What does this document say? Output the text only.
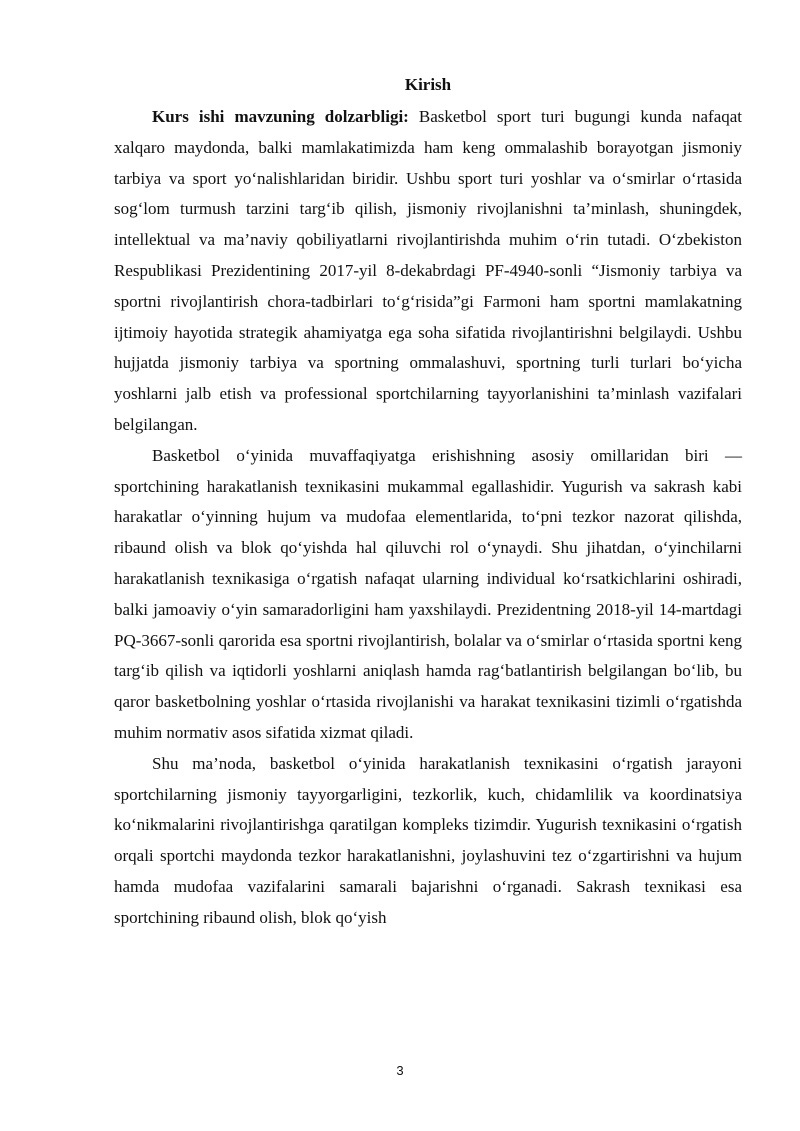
Kirish

Kurs ishi mavzuning dolzarbligi: Basketbol sport turi bugungi kunda nafaqat xalqaro maydonda, balki mamlakatimizda ham keng ommalashib borayotgan jismoniy tarbiya va sport yo‘nalishlaridan biridir. Ushbu sport turi yoshlar va o‘smirlar o‘rtasida sog‘lom turmush tarzini targ‘ib qilish, jismoniy rivojlanishni ta’minlash, shuningdek, intellektual va ma’naviy qobiliyatlarni rivojlantirishda muhim o‘rin tutadi. O‘zbekiston Respublikasi Prezidentining 2017-yil 8-dekabrdagi PF-4940-sonli “Jismoniy tarbiya va sportni rivojlantirish chora-tadbirlari to‘g‘risida”gi Farmoni ham sportni mamlakatning ijtimoiy hayotida strategik ahamiyatga ega soha sifatida rivojlantirishni belgilaydi. Ushbu hujjatda jismoniy tarbiya va sportning ommalashuvi, sportning turli turlari bo‘yicha yoshlarni jalb etish va professional sportchilarning tayyorlanishini ta’minlash vazifalari belgilangan.

Basketbol o‘yinida muvaffaqiyatga erishishning asosiy omillaridan biri — sportchining harakatlanish texnikasini mukammal egallashidir. Yugurish va sakrash kabi harakatlar o‘yinning hujum va mudofaa elementlarida, to‘pni tezkor nazorat qilishda, ribaund olish va blok qo‘yishda hal qiluvchi rol o‘ynaydi. Shu jihatdan, o‘yinchilarni harakatlanish texnikasiga o‘rgatish nafaqat ularning individual ko‘rsatkichlarini oshiradi, balki jamoaviy o‘yin samaradorligini ham yaxshilaydi. Prezidentning 2018-yil 14-martdagi PQ-3667-sonli qarorida esa sportni rivojlantirish, bolalar va o‘smirlar o‘rtasida sportni keng targ‘ib qilish va iqtidorli yoshlarni aniqlash hamda rag‘batlantirish belgilangan bo‘lib, bu qaror basketbolning yoshlar o‘rtasida rivojlanishi va harakat texnikasini tizimli o‘rgatishda muhim normativ asos sifatida xizmat qiladi.

Shu ma’noda, basketbol o‘yinida harakatlanish texnikasini o‘rgatish jarayoni sportchilarning jismoniy tayyorgarligini, tezkorlik, kuch, chidamlilik va koordinatsiya ko‘nikmalarini rivojlantirishga qaratilgan kompleks tizimdir. Yugurish texnikasini o‘rgatish orqali sportchi maydonda tezkor harakatlanishni, joylashuvini tez o‘zgartirishni va hujum hamda mudofaa vazifalarini samarali bajarishni o‘rganadi. Sakrash texnikasi esa sportchining ribaund olish, blok qo‘yish

3
